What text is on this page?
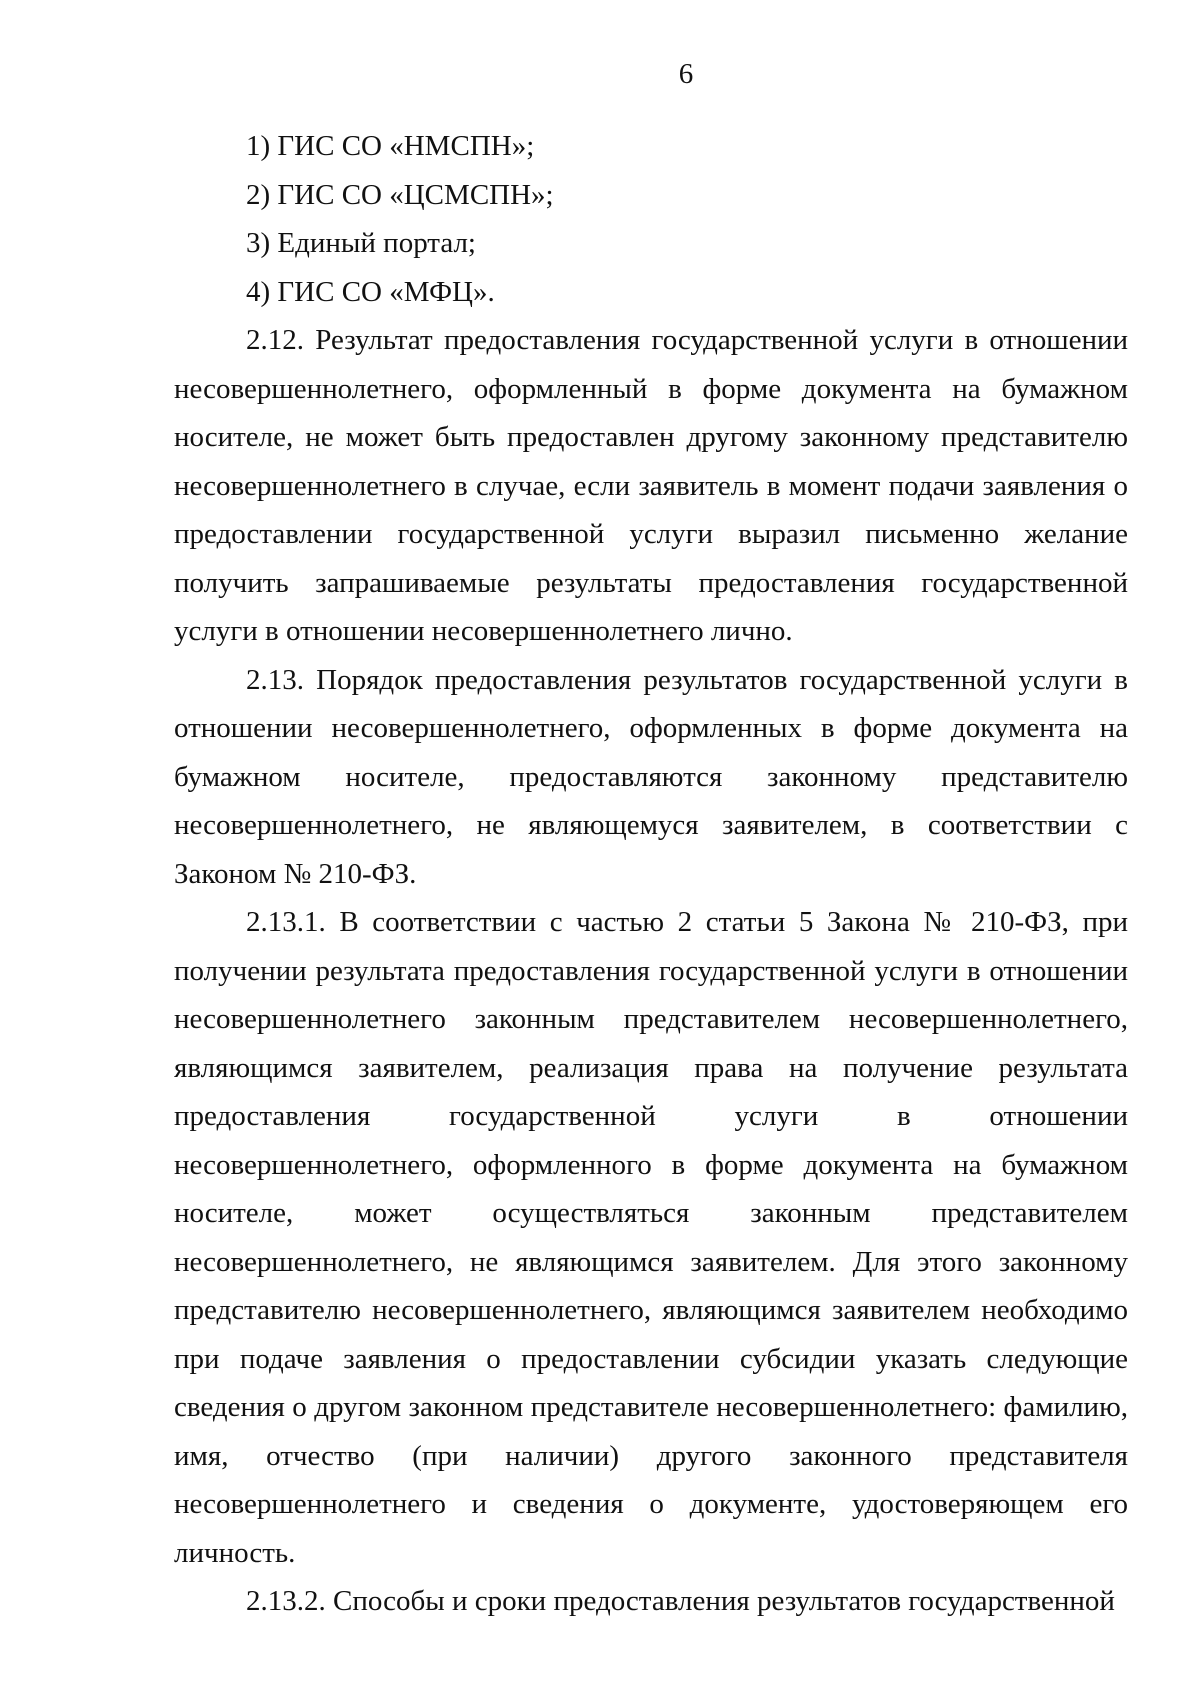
6
1) ГИС СО «НМСПН»;
2) ГИС СО «ЦСМСПН»;
3) Единый портал;
4) ГИС СО «МФЦ».

2.12. Результат предоставления государственной услуги в отношении несовершеннолетнего, оформленный в форме документа на бумажном носителе, не может быть предоставлен другому законному представителю несовершеннолетнего в случае, если заявитель в момент подачи заявления о предоставлении государственной услуги выразил письменно желание получить запрашиваемые результаты предоставления государственной услуги в отношении несовершеннолетнего лично.

2.13. Порядок предоставления результатов государственной услуги в отношении несовершеннолетнего, оформленных в форме документа на бумажном носителе, предоставляются законному представителю несовершеннолетнего, не являющемуся заявителем, в соответствии с Законом № 210-ФЗ.

2.13.1. В соответствии с частью 2 статьи 5 Закона № 210-ФЗ, при получении результата предоставления государственной услуги в отношении несовершеннолетнего законным представителем несовершеннолетнего, являющимся заявителем, реализация права на получение результата предоставления государственной услуги в отношении несовершеннолетнего, оформленного в форме документа на бумажном носителе, может осуществляться законным представителем несовершеннолетнего, не являющимся заявителем. Для этого законному представителю несовершеннолетнего, являющимся заявителем необходимо при подаче заявления о предоставлении субсидии указать следующие сведения о другом законном представителе несовершеннолетнего: фамилию, имя, отчество (при наличии) другого законного представителя несовершеннолетнего и сведения о документе, удостоверяющем его личность.

2.13.2. Способы и сроки предоставления результатов государственной
